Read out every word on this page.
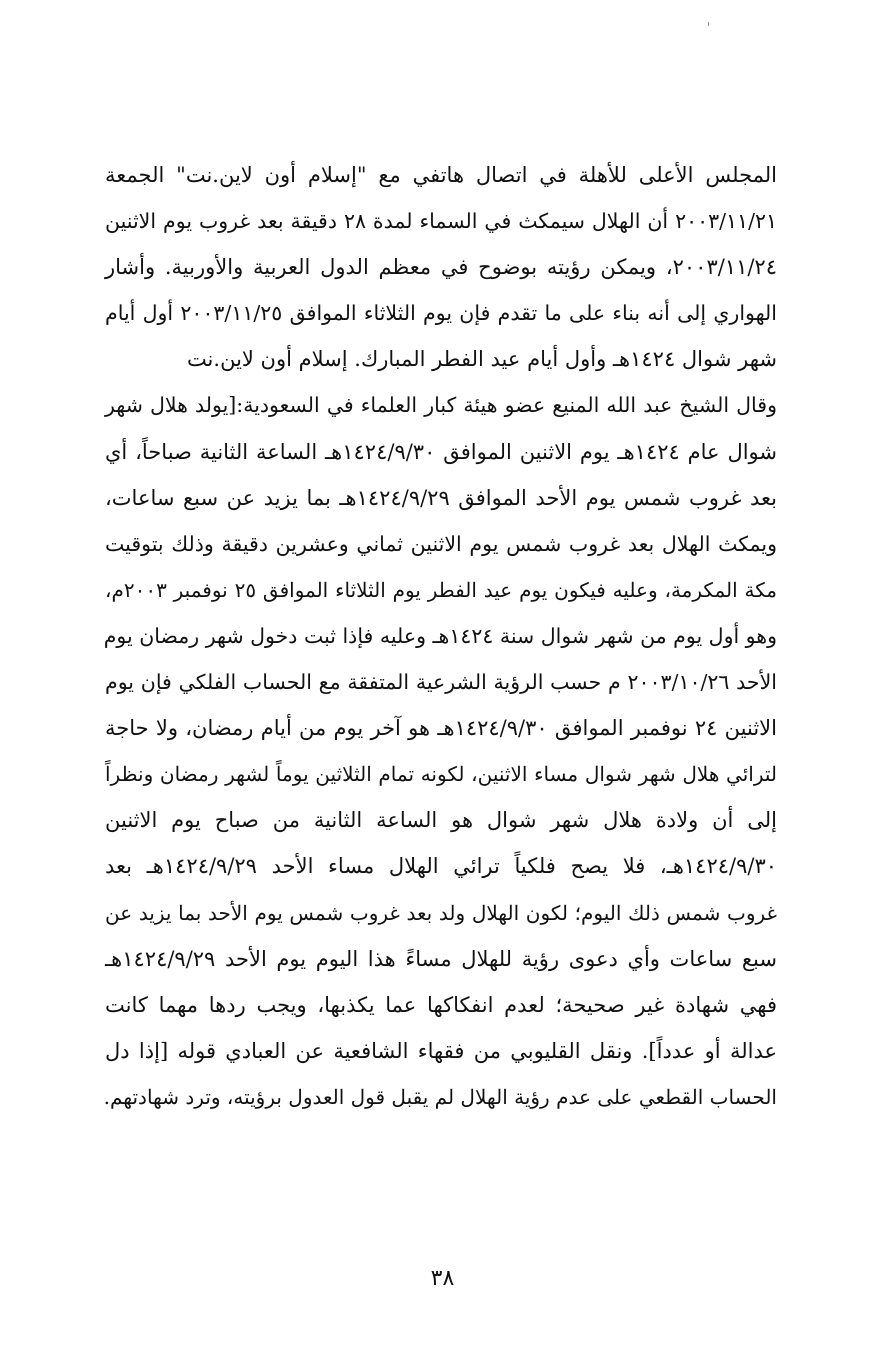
المجلس الأعلى للأهلة في اتصال هاتفي مع "إسلام أون لاين.نت" الجمعة
٢٠٠٣/١١/٢١ أن الهلال سيمكث في السماء لمدة ٢٨ دقيقة بعد غروب يوم الاثنين
٢٠٠٣/١١/٢٤، ويمكن رؤيته بوضوح في معظم الدول العربية والأوربية. وأشار
الهواري إلى أنه بناء على ما تقدم فإن يوم الثلاثاء الموافق ٢٠٠٣/١١/٢٥ أول أيام
شهر شوال ١٤٢٤هـ وأول أيام عيد الفطر المبارك. إسلام أون لاين.نت
وقال الشيخ عبد الله المنيع عضو هيئة كبار العلماء في السعودية:[يولد هلال شهر
شوال عام ١٤٢٤هـ يوم الاثنين الموافق ١٤٢٤/٩/٣٠هـ الساعة الثانية صباحاً، أي
بعد غروب شمس يوم الأحد الموافق ١٤٢٤/٩/٢٩هـ بما يزيد عن سبع ساعات،
ويمكث الهلال بعد غروب شمس يوم الاثنين ثماني وعشرين دقيقة وذلك بتوقيت
مكة المكرمة، وعليه فيكون يوم عيد الفطر يوم الثلاثاء الموافق ٢٥ نوفمبر ٢٠٠٣م،
وهو أول يوم من شهر شوال سنة ١٤٢٤هـ وعليه فإذا ثبت دخول شهر رمضان يوم
الأحد ٢٠٠٣/١٠/٢٦ م حسب الرؤية الشرعية المتفقة مع الحساب الفلكي فإن يوم
الاثنين ٢٤ نوفمبر الموافق ١٤٢٤/٩/٣٠هـ هو آخر يوم من أيام رمضان، ولا حاجة
لترائي هلال شهر شوال مساء الاثنين، لكونه تمام الثلاثين يوماً لشهر رمضان ونظراً
إلى أن ولادة هلال شهر شوال هو الساعة الثانية من صباح يوم الاثنين
١٤٢٤/٩/٣٠هـ، فلا يصح فلكياً ترائي الهلال مساء الأحد ١٤٢٤/٩/٢٩هـ بعد
غروب شمس ذلك اليوم؛ لكون الهلال ولد بعد غروب شمس يوم الأحد بما يزيد عن
سبع ساعات وأي دعوى رؤية للهلال مساءً هذا اليوم يوم الأحد ١٤٢٤/٩/٢٩هـ
فهي شهادة غير صحيحة؛ لعدم انفكاكها عما يكذبها، ويجب ردها مهما كانت
عدالة أو عدداً]. ونقل القليوبي من فقهاء الشافعية عن العبادي قوله [إذا دل
الحساب القطعي على عدم رؤية الهلال لم يقبل قول العدول برؤيته، وترد شهادتهم.
٣٨
